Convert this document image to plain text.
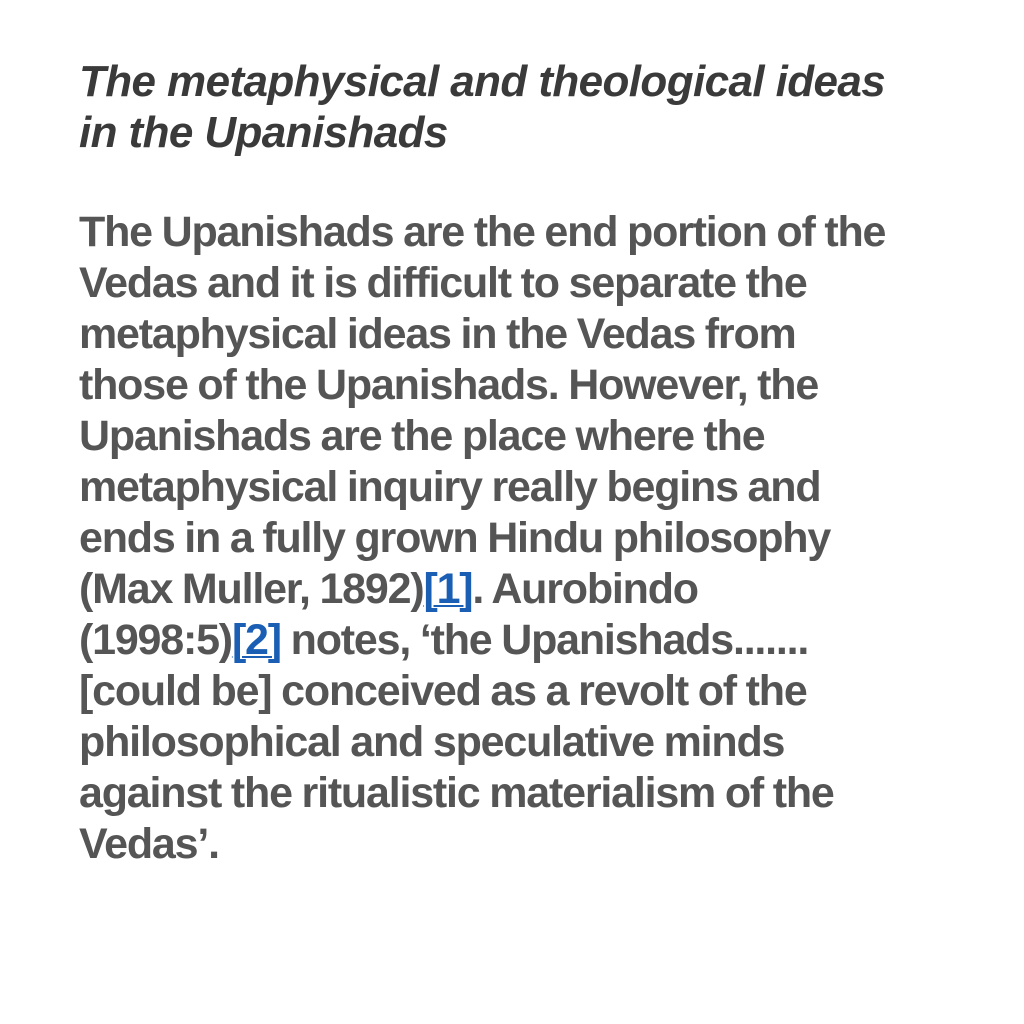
The metaphysical and theological ideas
in the Upanishads

The Upanishads are the end portion of the
Vedas and it is difficult to separate the
metaphysical ideas in the Vedas from
those of the Upanishads. However, the
Upanishads are the place where the
metaphysical inquiry really begins and
ends in a fully grown Hindu philosophy
(Max Muller, 1892)[1]. Aurobindo
(1998:5)[2] notes, ‘the Upanishads.......
[could be] conceived as a revolt of the
philosophical and speculative minds
against the ritualistic materialism of the
Vedas’.
